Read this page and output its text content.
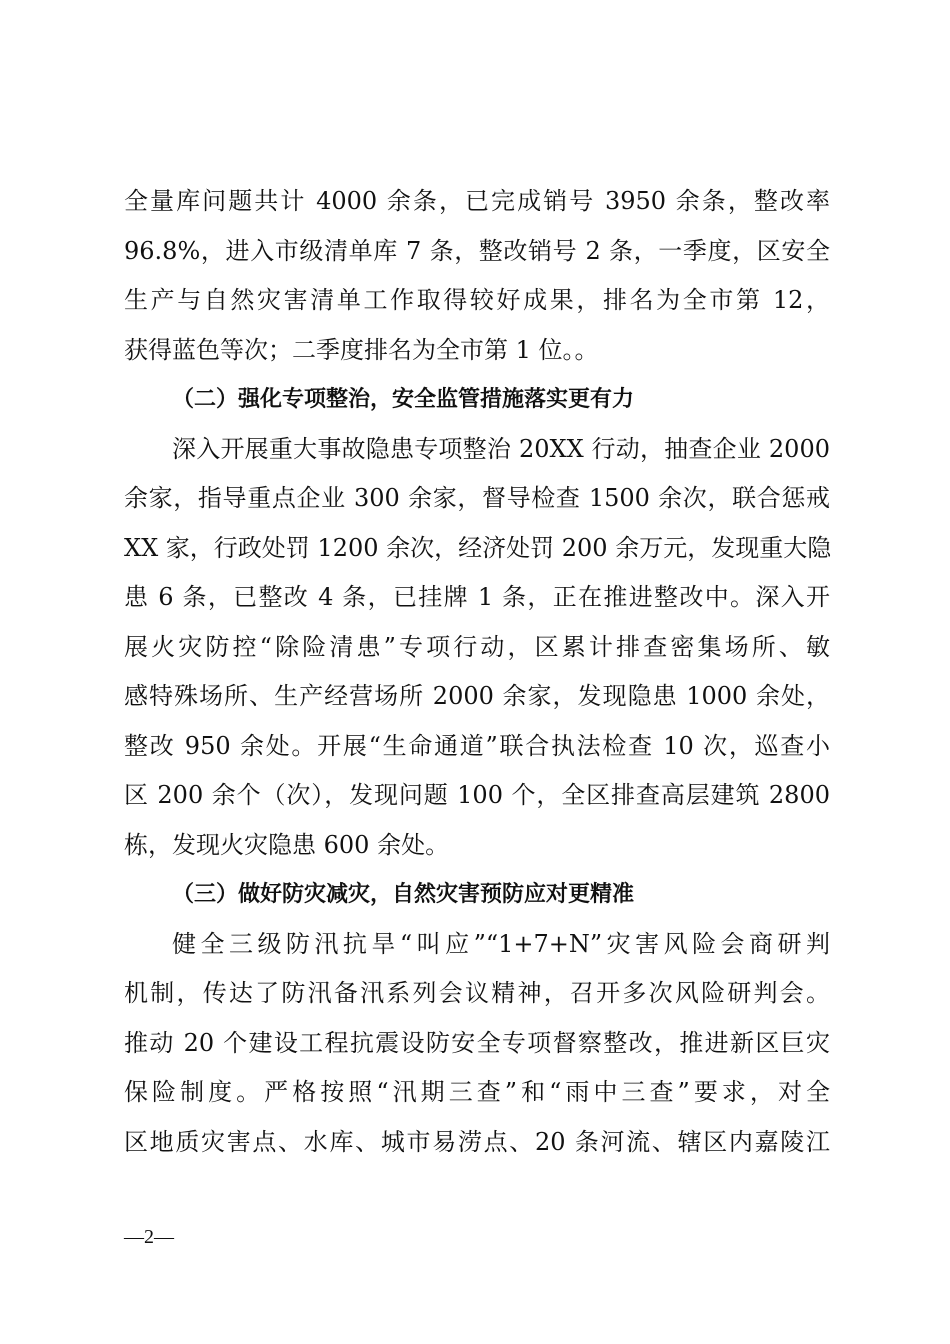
全量库问题共计 4000 余条，已完成销号 3950 余条，整改率
96.8%，进入市级清单库 7 条，整改销号 2 条，一季度，区安全
生产与自然灾害清单工作取得较好成果，排名为全市第 12，
获得蓝色等次；二季度排名为全市第 1 位。。
（二）强化专项整治，安全监管措施落实更有力
深入开展重大事故隐患专项整治 20XX 行动，抽查企业 2000
余家，指导重点企业 300 余家，督导检查 1500 余次，联合惩戒
XX 家，行政处罚 1200 余次，经济处罚 200 余万元，发现重大隐
患 6 条，已整改 4 条，已挂牌 1 条，正在推进整改中。深入开
展火灾防控“除险清患”专项行动，区累计排查密集场所、敏
感特殊场所、生产经营场所 2000 余家，发现隐患 1000 余处，
整改 950 余处。开展“生命通道”联合执法检查 10 次，巡查小
区 200 余个（次），发现问题 100 个，全区排查高层建筑 2800
栋，发现火灾隐患 600 余处。
（三）做好防灾减灾，自然灾害预防应对更精准
健全三级防汛抗旱“叫应”“1+7+N”灾害风险会商研判
机制，传达了防汛备汛系列会议精神，召开多次风险研判会。
推动 20 个建设工程抗震设防安全专项督察整改，推进新区巨灾
保险制度。严格按照“汛期三查”和“雨中三查”要求，对全
区地质灾害点、水库、城市易涝点、20 条河流、辖区内嘉陵江
—2—
